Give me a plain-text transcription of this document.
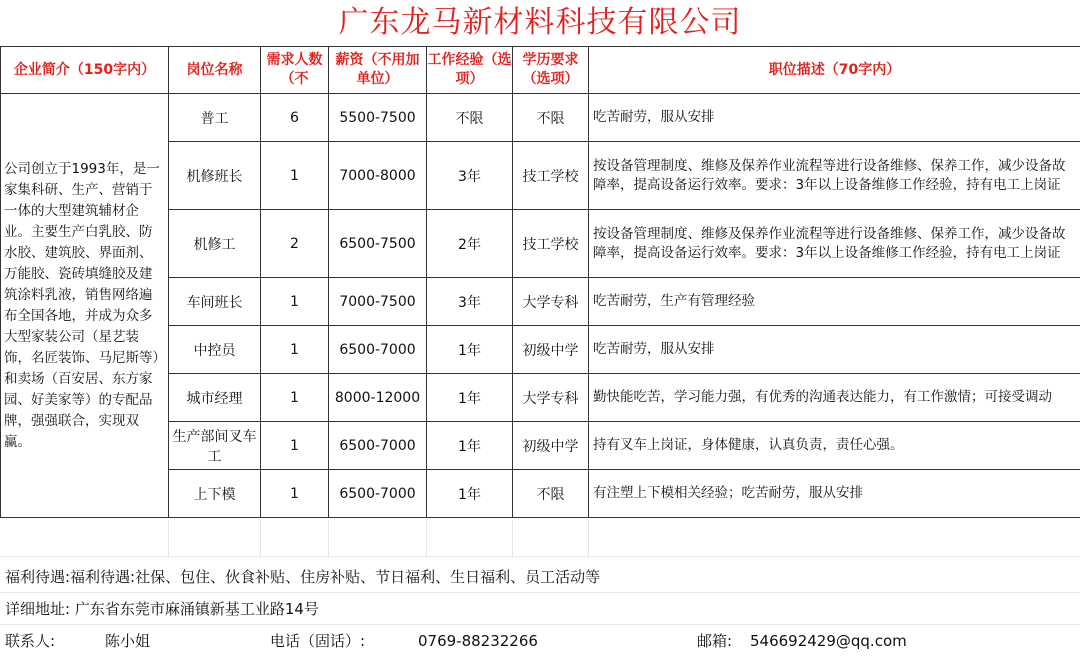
广东龙马新材料科技有限公司
企业简介（150字内）	岗位名称	需求人数（不	薪资（不用加单位）	工作经验（选项）	学历要求（选项）	职位描述（70字内）
公司创立于1993年，是一家集科研、生产、营销于一体的大型建筑辅材企业。主要生产白乳胶、防水胶、建筑胶、界面剂、万能胶、瓷砖填缝胶及建筑涂料乳液，销售网络遍布全国各地，并成为众多大型家装公司（星艺装饰，名匠装饰、马尼斯等）和卖场（百安居、东方家园、好美家等）的专配品牌，强强联合，实现双赢。	普工	6	5500-7500	不限	不限	吃苦耐劳，服从安排
	机修班长	1	7000-8000	3年	技工学校	按设备管理制度、维修及保养作业流程等进行设备维修、保养工作，减少设备故障率，提高设备运行效率。要求：3年以上设备维修工作经验，持有电工上岗证
	机修工	2	6500-7500	2年	技工学校	按设备管理制度、维修及保养作业流程等进行设备维修、保养工作，减少设备故障率，提高设备运行效率。要求：3年以上设备维修工作经验，持有电工上岗证
	车间班长	1	7000-7500	3年	大学专科	吃苦耐劳，生产有管理经验
	中控员	1	6500-7000	1年	初级中学	吃苦耐劳，服从安排
	城市经理	1	8000-12000	1年	大学专科	勤快能吃苦，学习能力强，有优秀的沟通表达能力，有工作激情；可接受调动
	生产部间叉车工	1	6500-7000	1年	初级中学	持有叉车上岗证，身体健康，认真负责，责任心强。
	上下模	1	6500-7000	1年	不限	有注塑上下模相关经验；吃苦耐劳，服从安排
福利待遇:福利待遇:社保、包住、伙食补贴、住房补贴、节日福利、生日福利、员工活动等
详细地址: 广东省东莞市麻涌镇新基工业路14号
联系人:	陈小姐	电话（固话）:	0769-88232266	邮箱: 546692429@qq.com
